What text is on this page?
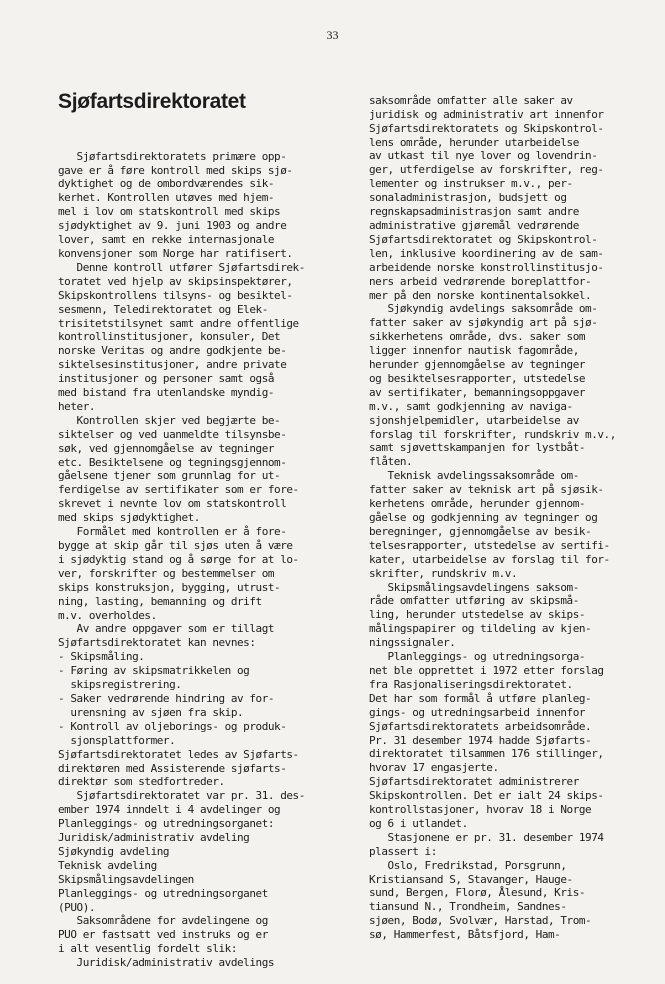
33

Sjøfartsdirektoratet

Sjøfartsdirektoratets primære opp-
gave er å føre kontroll med skips sjø-
dyktighet og de ombordværendes sik-
kerhet. Kontrollen utøves med hjem-
mel i lov om statskontroll med skips
sjødyktighet av 9. juni 1903 og andre
lover, samt en rekke internasjonale
konvensjoner som Norge har ratifisert.
Denne kontroll utfører Sjøfartsdirek-
toratet ved hjelp av skipsinspektører,
Skipskontrollens tilsyns- og besiktel-
sesmenn, Teledirektoratet og Elek-
trisitetstilsynet samt andre offentlige
kontrollinstitusjoner, konsuler, Det
norske Veritas og andre godkjente be-
siktelsesinstitusjoner, andre private
institusjoner og personer samt også
med bistand fra utenlandske myndig-
heter.
Kontrollen skjer ved begjærte be-
siktelser og ved uanmeldte tilsynsbe-
søk, ved gjennomgåelse av tegninger
etc. Besiktelsene og tegningsgjennom-
gåelsene tjener som grunnlag for ut-
ferdigelse av sertifikater som er fore-
skrevet i nevnte lov om statskontroll
med skips sjødyktighet.
Formålet med kontrollen er å fore-
bygge at skip går til sjøs uten å være
i sjødyktig stand og å sørge for at lo-
ver, forskrifter og bestemmelser om
skips konstruksjon, bygging, utrust-
ning, lasting, bemanning og drift
m.v. overholdes.
Av andre oppgaver som er tillagt
Sjøfartsdirektoratet kan nevnes:
- Skipsmåling.
- Føring av skipsmatrikkelen og
skipsregistrering.
- Saker vedrørende hindring av for-
urensning av sjøen fra skip.
- Kontroll av oljeborings- og produk-
sjonsplattformer.
Sjøfartsdirektoratet ledes av Sjøfarts-
direktøren med Assisterende sjøfarts-
direktør som stedfortreder.
Sjøfartsdirektoratet var pr. 31. des-
ember 1974 inndelt i 4 avdelinger og
Planleggings- og utredningsorganet:
Juridisk/administrativ avdeling
Sjøkyndig avdeling
Teknisk avdeling
Skipsmålingsavdelingen
Planleggings- og utredningsorganet
(PUO).
Saksområdene for avdelingene og
PUO er fastsatt ved instruks og er
i alt vesentlig fordelt slik:
Juridisk/administrativ avdelings

saksområde omfatter alle saker av
juridisk og administrativ art innenfor
Sjøfartsdirektoratets og Skipskontrol-
lens område, herunder utarbeidelse
av utkast til nye lover og lovendrin-
ger, utferdigelse av forskrifter, reg-
lementer og instrukser m.v., per-
sonaladministrasjon, budsjett og
regnskapsadministrasjon samt andre
administrative gjøremål vedrørende
Sjøfartsdirektoratet og Skipskontrol-
len, inklusive koordinering av de sam-
arbeidende norske konstrollinstitusjo-
ners arbeid vedrørende boreplattfor-
mer på den norske kontinentalsokkel.
Sjøkyndig avdelings saksområde om-
fatter saker av sjøkyndig art på sjø-
sikkerhetens område, dvs. saker som
ligger innenfor nautisk fagområde,
herunder gjennomgåelse av tegninger
og besiktelsesrapporter, utstedelse
av sertifikater, bemanningsoppgaver
m.v., samt godkjenning av naviga-
sjonshjelpemidler, utarbeidelse av
forslag til forskrifter, rundskriv m.v.,
samt sjøvettskampanjen for lystbåt-
flåten.
Teknisk avdelingssaksområde om-
fatter saker av teknisk art på sjøsik-
kerhetens område, herunder gjennom-
gåelse og godkjenning av tegninger og
beregninger, gjennomgåelse av besik-
telsesrapporter, utstedelse av sertifi-
kater, utarbeidelse av forslag til for-
skrifter, rundskriv m.v.
Skipsmålingsavdelingens saksom-
råde omfatter utføring av skipsmå-
ling, herunder utstedelse av skips-
målingspapirer og tildeling av kjen-
ningssignaler.
Planleggings- og utredningsorga-
net ble opprettet i 1972 etter forslag
fra Rasjonaliseringsdirektoratet.
Det har som formål å utføre planleg-
gings- og utredningsarbeid innenfor
Sjøfartsdirektoratets arbeidsområde.
Pr. 31 desember 1974 hadde Sjøfarts-
direktoratet tilsammen 176 stillinger,
hvorav 17 engasjerte.
Sjøfartsdirektoratet administrerer
Skipskontrollen. Det er ialt 24 skips-
kontrollstasjoner, hvorav 18 i Norge
og 6 i utlandet.
Stasjonene er pr. 31. desember 1974
plassert i:
Oslo, Fredrikstad, Porsgrunn,
Kristiansand S, Stavanger, Hauge-
sund, Bergen, Florø, Ålesund, Kris-
tiansund N., Trondheim, Sandnes-
sjøen, Bodø, Svolvær, Harstad, Trom-
sø, Hammerfest, Båtsfjord, Ham-
